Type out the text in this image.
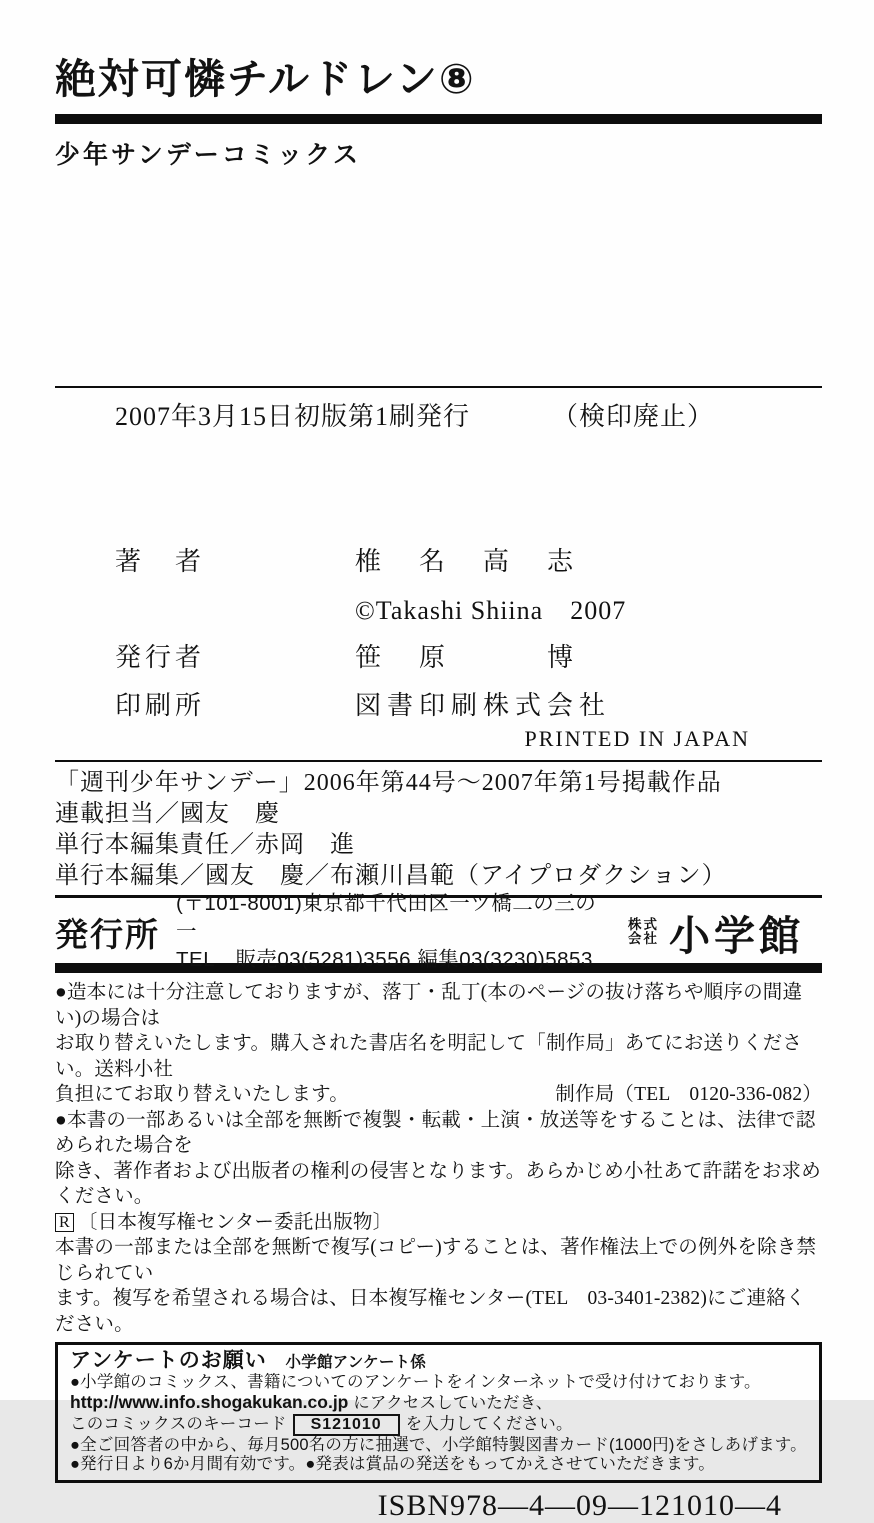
絶対可憐チルドレン⑧
少年サンデーコミックス
2007年3月15日初版第1刷発行	（検印廃止）
著　者	椎　名　高　志
©Takashi Shiina　2007
発行者	笹　原　　　博
印刷所	図書印刷株式会社
PRINTED IN JAPAN
「週刊少年サンデー」2006年第44号～2007年第1号掲載作品
連載担当／國友　慶
単行本編集責任／赤岡　進
単行本編集／國友　慶／布瀬川昌範（アイプロダクション）
発行所
(〒101-8001)東京都千代田区一ツ橋二の三の一
TEL　販売03(5281)3556 編集03(3230)5853
株式
会社 小学館
●造本には十分注意しておりますが、落丁・乱丁(本のページの抜け落ちや順序の間違い)の場合は
お取り替えいたします。購入された書店名を明記して「制作局」あてにお送りください。送料小社
負担にてお取り替えいたします。	制作局（TEL　0120-336-082）
●本書の一部あるいは全部を無断で複製・転載・上演・放送等をすることは、法律で認められた場合を
除き、著作者および出版者の権利の侵害となります。あらかじめ小社あて許諾をお求めください。
R 〔日本複写権センター委託出版物〕
本書の一部または全部を無断で複写(コピー)することは、著作権法上での例外を除き禁じられてい
ます。複写を希望される場合は、日本複写権センター(TEL　03-3401-2382)にご連絡ください。
アンケートのお願い 小学館アンケート係
●小学館のコミックス、書籍についてのアンケートをインターネットで受け付けております。
http://www.info.shogakukan.co.jp にアクセスしていただき、
このコミックスのキーコード S121010 を入力してください。
●全ご回答者の中から、毎月500名の方に抽選で、小学館特製図書カード(1000円)をさしあげます。
●発行日より6か月間有効です。●発表は賞品の発送をもってかえさせていただきます。
ISBN978—4—09—121010—4
